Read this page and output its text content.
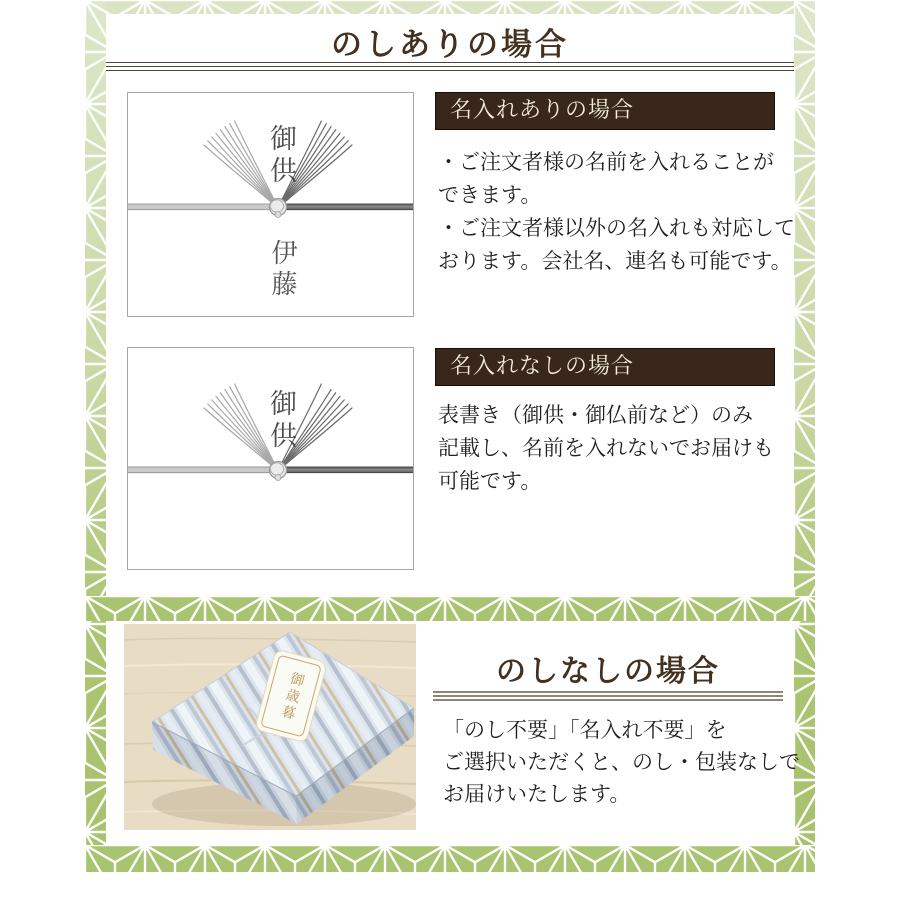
のしありの場合
御供
伊藤
名入れありの場合
・ご注文者様の名前を入れることが
できます。
・ご注文者様以外の名入れも対応して
おります。会社名、連名も可能です。
御供
名入れなしの場合
表書き（御供・御仏前など）のみ
記載し、名前を入れないでお届けも
可能です。
御歳暮	のしなしの場合
「のし不要」「名入れ不要」を
ご選択いただくと、のし・包装なしで
お届けいたします。
